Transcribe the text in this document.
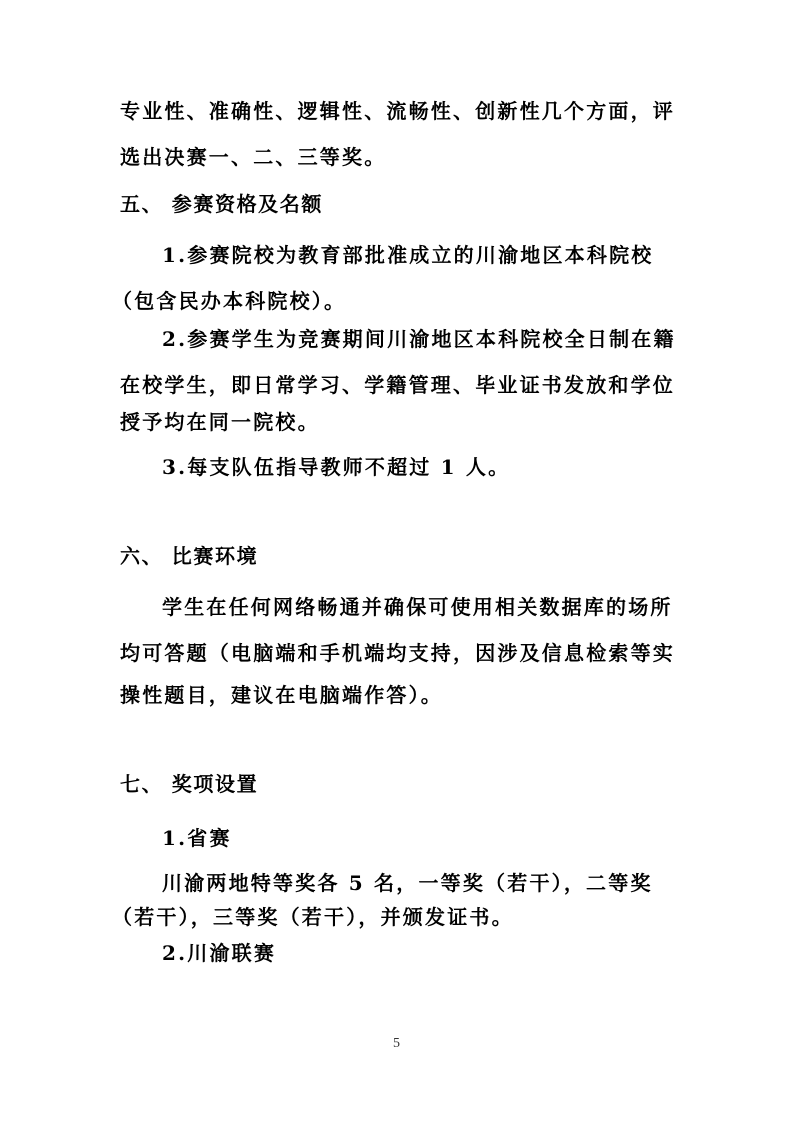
专业性、准确性、逻辑性、流畅性、创新性几个方面，评
选出决赛一、二、三等奖。
五、 参赛资格及名额
1.参赛院校为教育部批准成立的川渝地区本科院校
（包含民办本科院校）。
2.参赛学生为竞赛期间川渝地区本科院校全日制在籍
在校学生，即日常学习、学籍管理、毕业证书发放和学位
授予均在同一院校。
3.每支队伍指导教师不超过 1 人。
六、 比赛环境
学生在任何网络畅通并确保可使用相关数据库的场所
均可答题（电脑端和手机端均支持，因涉及信息检索等实
操性题目，建议在电脑端作答）。
七、 奖项设置
1.省赛
川渝两地特等奖各 5 名，一等奖（若干），二等奖
（若干），三等奖（若干），并颁发证书。
2.川渝联赛
5
